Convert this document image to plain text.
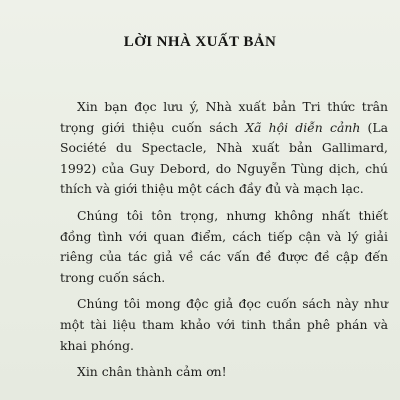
LỜI NHÀ XUẤT BẢN

Xin bạn đọc lưu ý, Nhà xuất bản Tri thức trân trọng giới thiệu cuốn sách Xã hội diễn cảnh (La Société du Spectacle, Nhà xuất bản Gallimard, 1992) của Guy Debord, do Nguyễn Tùng dịch, chú thích và giới thiệu một cách đầy đủ và mạch lạc.

Chúng tôi tôn trọng, nhưng không nhất thiết đồng tình với quan điểm, cách tiếp cận và lý giải riêng của tác giả về các vấn đề được đề cập đến trong cuốn sách.

Chúng tôi mong độc giả đọc cuốn sách này như một tài liệu tham khảo với tinh thần phê phán và khai phóng.

Xin chân thành cảm ơn!
